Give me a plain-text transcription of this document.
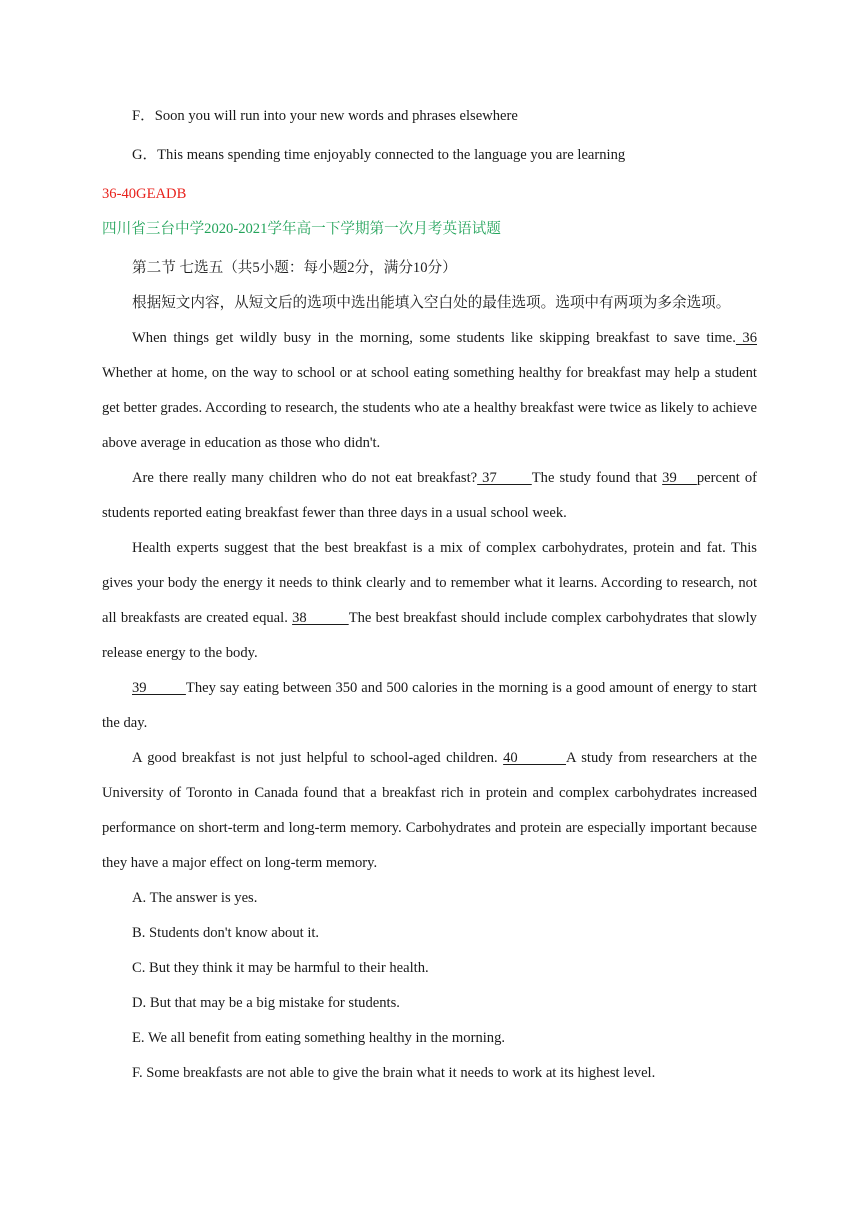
F．Soon you will run into your new words and phrases elsewhere

G．This means spending time enjoyably connected to the language you are learning

36-40GEADB

四川省三台中学2020-2021学年高一下学期第一次月考英语试题

第二节 七选五（共5小题：每小题2分，满分10分）

根据短文内容，从短文后的选项中选出能填入空白处的最佳选项。选项中有两项为多余选项。

When things get wildly busy in the morning, some students like skipping breakfast to save time. 36 Whether at home, on the way to school or at school eating something healthy for breakfast may help a student get better grades. According to research, the students who ate a healthy breakfast were twice as likely to achieve above average in education as those who didn't.

Are there really many children who do not eat breakfast? 37       The study found that 39    percent of students reported eating breakfast fewer than three days in a usual school week.

Health experts suggest that the best breakfast is a mix of complex carbohydrates, protein and fat. This gives your body the energy it needs to think clearly and to remember what it learns. According to research, not all breakfasts are created equal. 38          The best breakfast should include complex carbohydrates that slowly release energy to the body.

39          They say eating between 350 and 500 calories in the morning is a good amount of energy to start the day.

A good breakfast is not just helpful to school-aged children. 40         A study from researchers at the University of Toronto in Canada found that a breakfast rich in protein and complex carbohydrates increased performance on short-term and long-term memory. Carbohydrates and protein are especially important because they have a major effect on long-term memory.

A. The answer is yes.

B. Students don't know about it.

C. But they think it may be harmful to their health.

D. But that may be a big mistake for students.

E. We all benefit from eating something healthy in the morning.

F. Some breakfasts are not able to give the brain what it needs to work at its highest level.
